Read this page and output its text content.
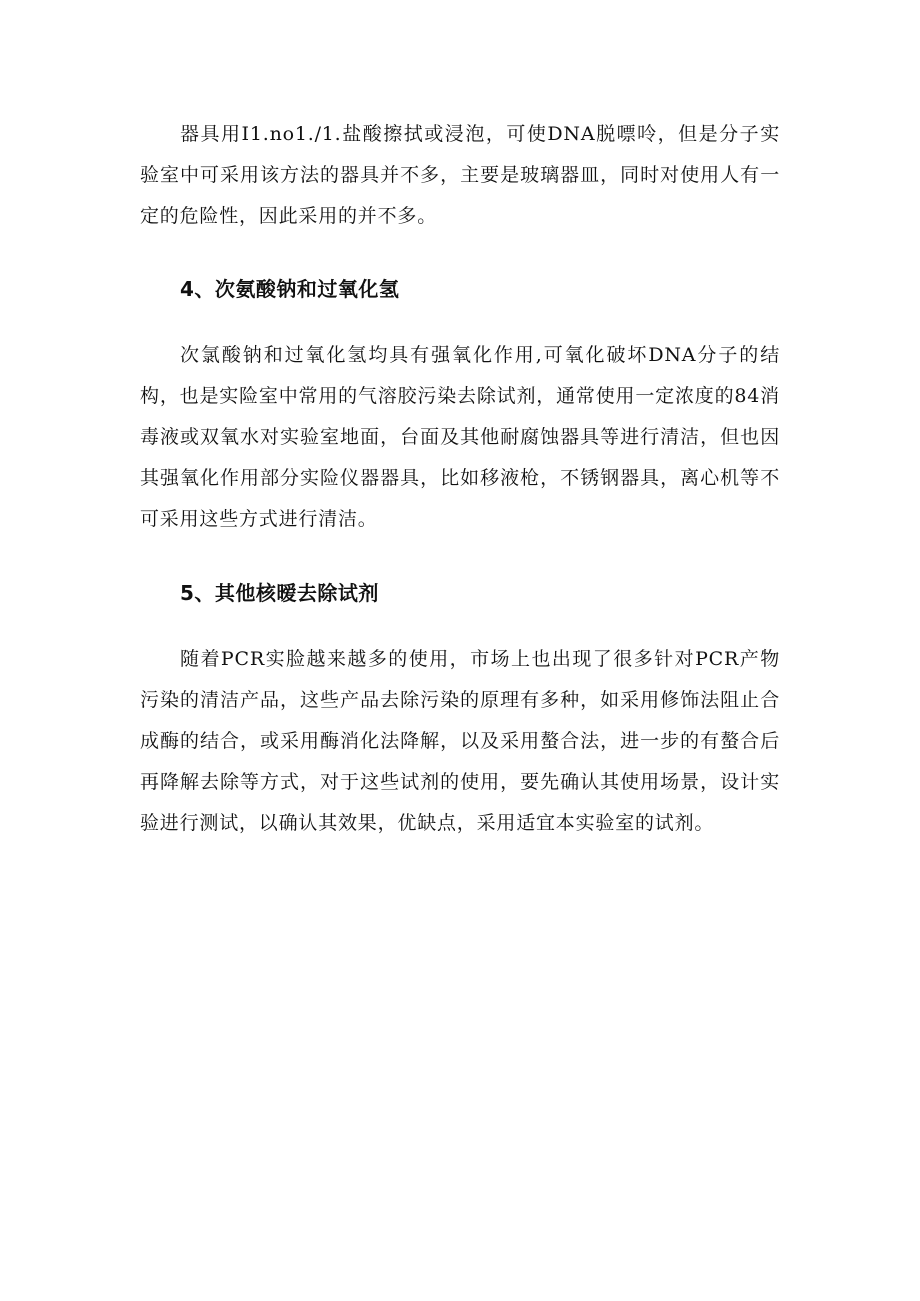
器具用I1.no1./1.盐酸擦拭或浸泡，可使DNA脱嘌呤，但是分子实验室中可采用该方法的器具并不多，主要是玻璃器皿，同时对使用人有一定的危险性，因此采用的并不多。

4、次氨酸钠和过氧化氢

次氯酸钠和过氧化氢均具有强氧化作用,可氧化破坏DNA分子的结构，也是实险室中常用的气溶胶污染去除试剂，通常使用一定浓度的84消毒液或双氧水对实验室地面，台面及其他耐腐蚀器具等进行清洁，但也因其强氧化作用部分实险仪器器具，比如移液枪，不锈钢器具，离心机等不可采用这些方式进行清洁。

5、其他核暧去除试剂

随着PCR实脸越来越多的使用，市场上也出现了很多针对PCR产物污染的清洁产品，这些产品去除污染的原理有多种，如采用修饰法阻止合成酶的结合，或采用酶消化法降解，以及采用螯合法，进一步的有螯合后再降解去除等方式，对于这些试剂的使用，要先确认其使用场景，设计实验进行测试，以确认其效果，优缺点，采用适宜本实验室的试剂。
